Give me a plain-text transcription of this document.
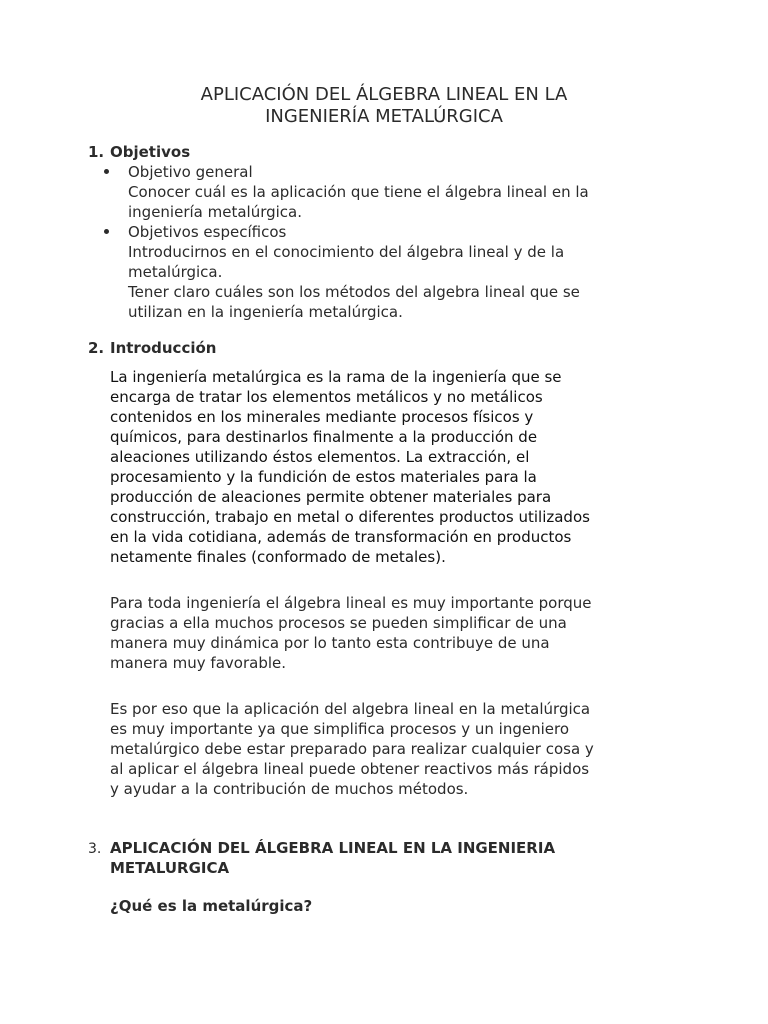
APLICACIÓN DEL ÁLGEBRA LINEAL EN LA
INGENIERÍA METALÚRGICA
1. Objetivos
Objetivo general
Conocer cuál es la aplicación que tiene el álgebra lineal en la
ingeniería metalúrgica.
Objetivos específicos
Introducirnos en el conocimiento del álgebra lineal y de la
metalúrgica.
Tener claro cuáles son los métodos del algebra lineal que se
utilizan en la ingeniería metalúrgica.
2. Introducción

La ingeniería metalúrgica es la rama de la ingeniería que se
encarga de tratar los elementos metálicos y no metálicos
contenidos en los minerales mediante procesos físicos y
químicos, para destinarlos finalmente a la producción de
aleaciones utilizando éstos elementos. La extracción, el
procesamiento y la fundición de estos materiales para la
producción de aleaciones permite obtener materiales para
construcción, trabajo en metal o diferentes productos utilizados
en la vida cotidiana, además de transformación en productos
netamente finales (conformado de metales).

Para toda ingeniería el álgebra lineal es muy importante porque
gracias a ella muchos procesos se pueden simplificar de una
manera muy dinámica por lo tanto esta contribuye de una
manera muy favorable.

Es por eso que la aplicación del algebra lineal en la metalúrgica
es muy importante ya que simplifica procesos y un ingeniero
metalúrgico debe estar preparado para realizar cualquier cosa y
al aplicar el álgebra lineal puede obtener reactivos más rápidos
y ayudar a la contribución de muchos métodos.

3. APLICACIÓN DEL ÁLGEBRA LINEAL EN LA INGENIERIA
METALURGICA
¿Qué es la metalúrgica?
